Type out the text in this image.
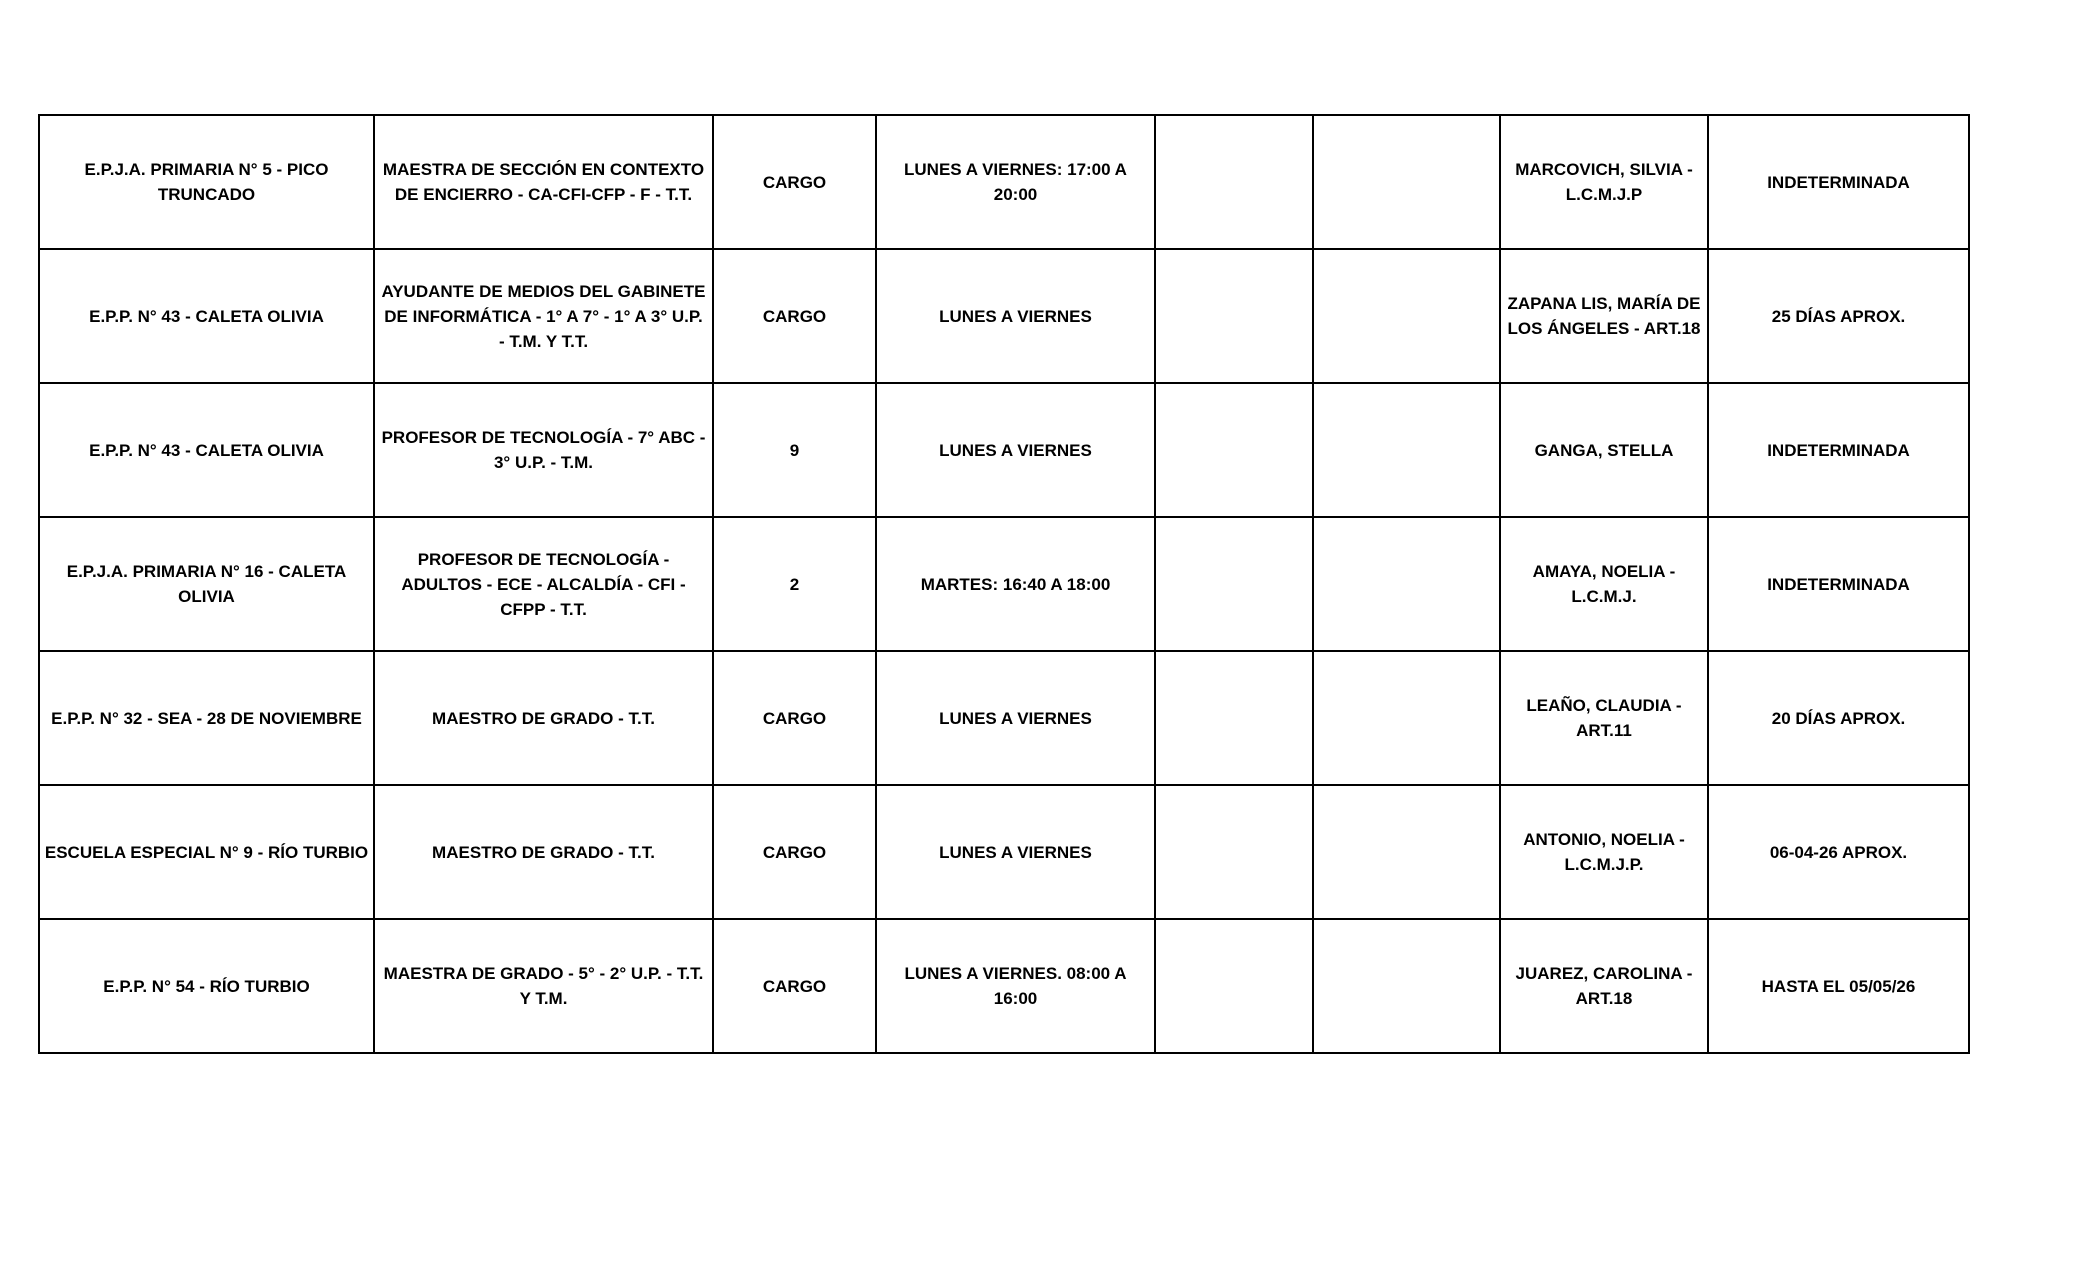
E.P.J.A. PRIMARIA N° 5 - PICO TRUNCADO	MAESTRA DE SECCIÓN EN CONTEXTO DE ENCIERRO - CA-CFI-CFP - F - T.T.	CARGO	LUNES A VIERNES: 17:00 A 20:00			MARCOVICH, SILVIA - L.C.M.J.P	INDETERMINADA
E.P.P. N° 43 - CALETA OLIVIA	AYUDANTE DE MEDIOS DEL GABINETE DE INFORMÁTICA - 1° A 7° - 1° A 3° U.P. - T.M. Y T.T.	CARGO	LUNES A VIERNES			ZAPANA LIS, MARÍA DE LOS ÁNGELES - ART.18	25 DÍAS APROX.
E.P.P. N° 43 - CALETA OLIVIA	PROFESOR DE TECNOLOGÍA - 7° ABC - 3° U.P. - T.M.	9	LUNES A VIERNES			GANGA, STELLA	INDETERMINADA
E.P.J.A. PRIMARIA N° 16 - CALETA OLIVIA	PROFESOR DE TECNOLOGÍA - ADULTOS - ECE - ALCALDÍA - CFI - CFPP - T.T.	2	MARTES: 16:40 A 18:00			AMAYA, NOELIA - L.C.M.J.	INDETERMINADA
E.P.P. N° 32 - SEA - 28 DE NOVIEMBRE	MAESTRO DE GRADO - T.T.	CARGO	LUNES A VIERNES			LEAÑO, CLAUDIA - ART.11	20 DÍAS APROX.
ESCUELA ESPECIAL N° 9 - RÍO TURBIO	MAESTRO DE GRADO - T.T.	CARGO	LUNES A VIERNES			ANTONIO, NOELIA - L.C.M.J.P.	06-04-26 APROX.
E.P.P. N° 54 - RÍO TURBIO	MAESTRA DE GRADO - 5° - 2° U.P. - T.T. Y T.M.	CARGO	LUNES A VIERNES. 08:00 A 16:00			JUAREZ, CAROLINA - ART.18	HASTA EL 05/05/26
